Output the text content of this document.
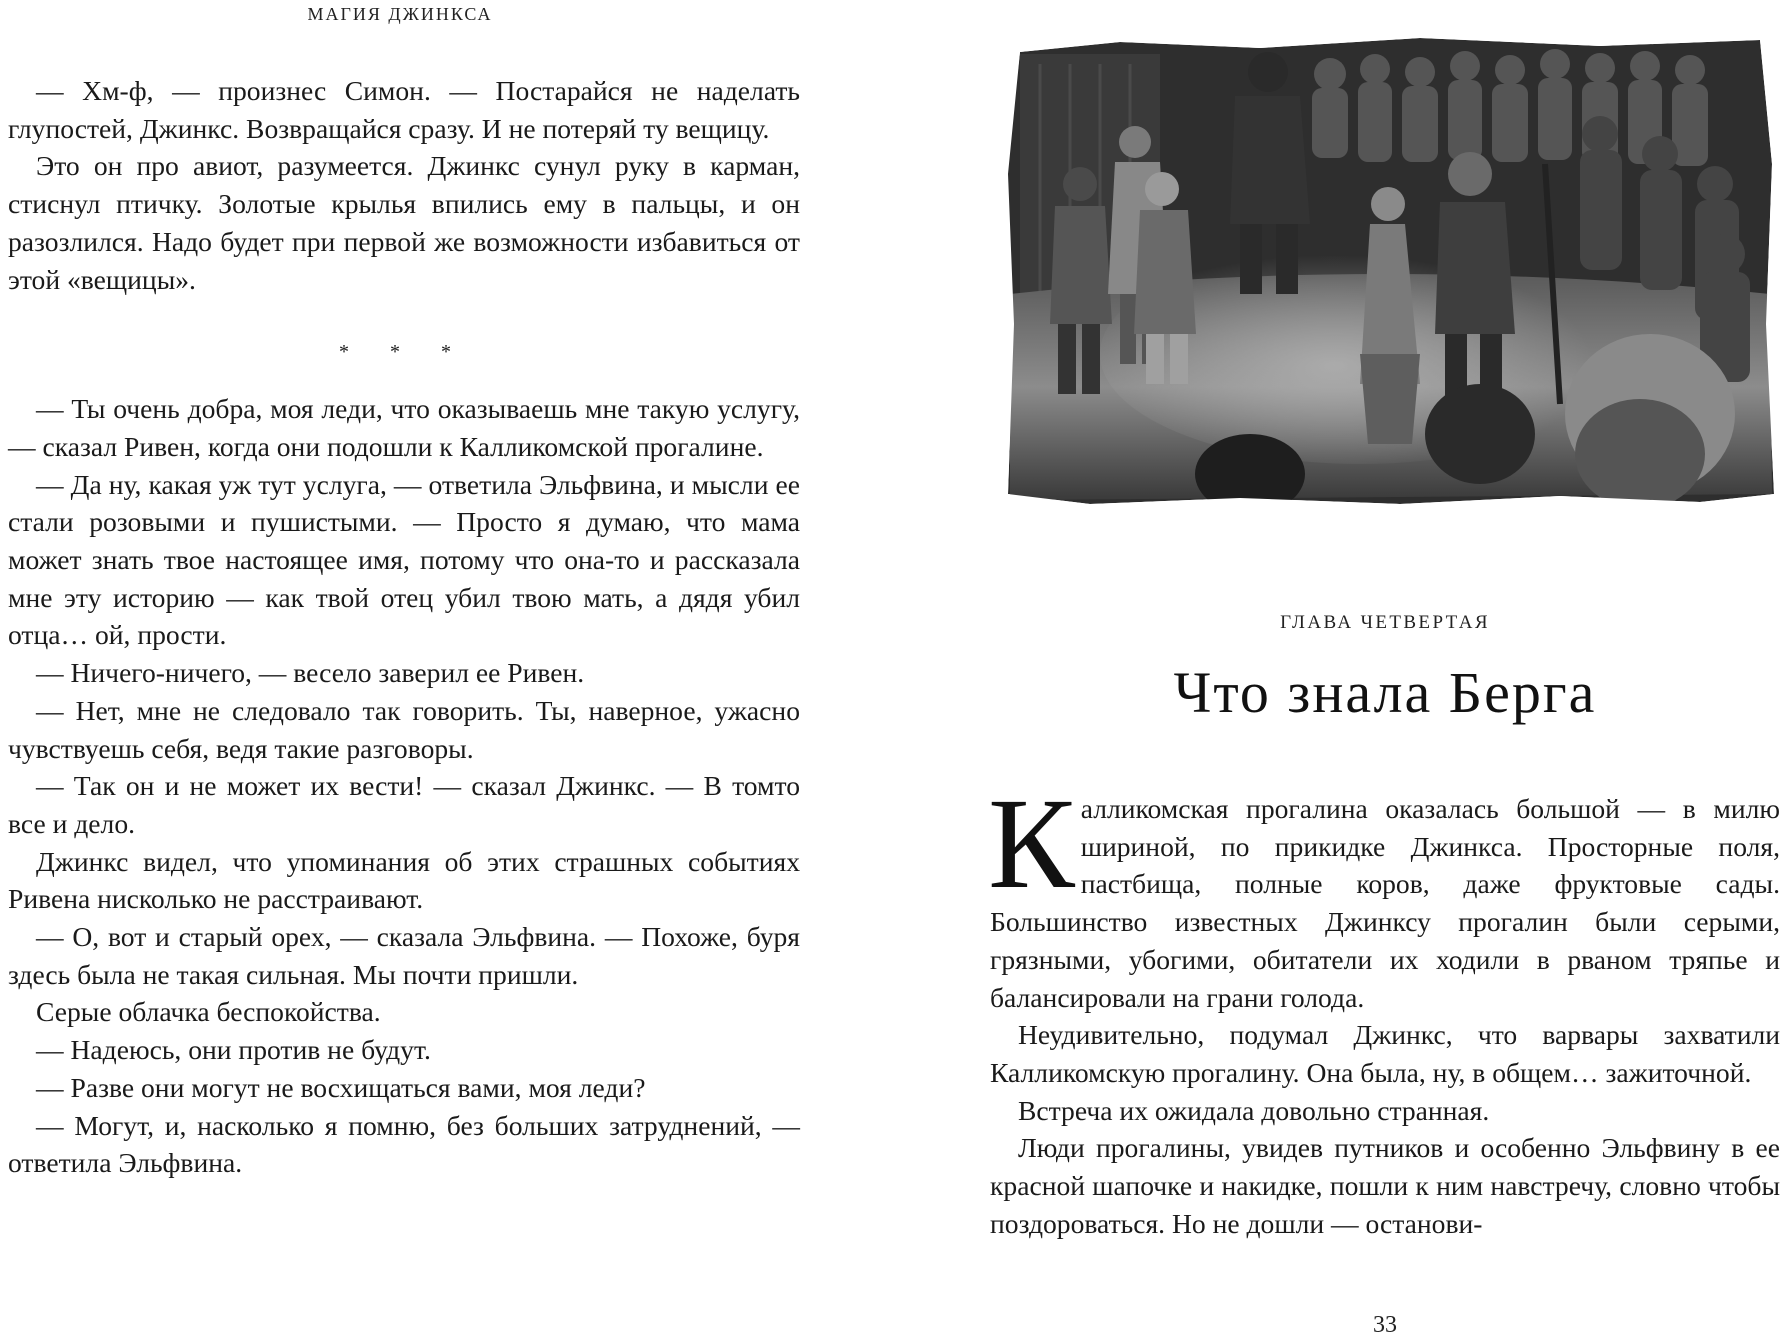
МАГИЯ ДЖИНКСА

— Хм-ф, — произнес Симон. — Постарайся не наделать глупостей, Джинкс. Возвращайся сразу. И не потеряй ту вещицу.

Это он про авиот, разумеется. Джинкс сунул руку в карман, стиснул птичку. Золотые крылья впились ему в пальцы, и он разозлился. Надо будет при первой же возможности избавиться от этой «вещицы».

* * *

— Ты очень добра, моя леди, что оказываешь мне такую услугу, — сказал Ривен, когда они подошли к Калликомской прогалине.

— Да ну, какая уж тут услуга, — ответила Эльфвина, и мысли ее стали розовыми и пушистыми. — Просто я думаю, что мама может знать твое настоящее имя, потому что она-то и рассказала мне эту историю — как твой отец убил твою мать, а дядя убил отца… ой, прости.

— Ничего-ничего, — весело заверил ее Ривен.

— Нет, мне не следовало так говорить. Ты, наверное, ужасно чувствуешь себя, ведя такие разговоры.

— Так он и не может их вести! — сказал Джинкс. — В томто все и дело.

Джинкс видел, что упоминания об этих страшных событиях Ривена нисколько не расстраивают.

— О, вот и старый орех, — сказала Эльфвина. — Похоже, буря здесь была не такая сильная. Мы почти пришли.

Серые облачка беспокойства.

— Надеюсь, они против не будут.

— Разве они могут не восхищаться вами, моя леди?

— Могут, и, насколько я помню, без больших затруднений, — ответила Эльфвина.

ГЛАВА ЧЕТВЕРТАЯ
Что знала Берга

Калликомская прогалина оказалась большой — в милю шириной, по прикидке Джинкса. Просторные поля, пастбища, полные коров, даже фруктовые сады. Большинство известных Джинксу прогалин были серыми, грязными, убогими, обитатели их ходили в рваном тряпье и балансировали на грани голода.

Неудивительно, подумал Джинкс, что варвары захватили Калликомскую прогалину. Она была, ну, в общем… зажиточной.

Встреча их ожидала довольно странная.

Люди прогалины, увидев путников и особенно Эльфвину в ее красной шапочке и накидке, пошли к ним навстречу, словно чтобы поздороваться. Но не дошли — останови-

33
